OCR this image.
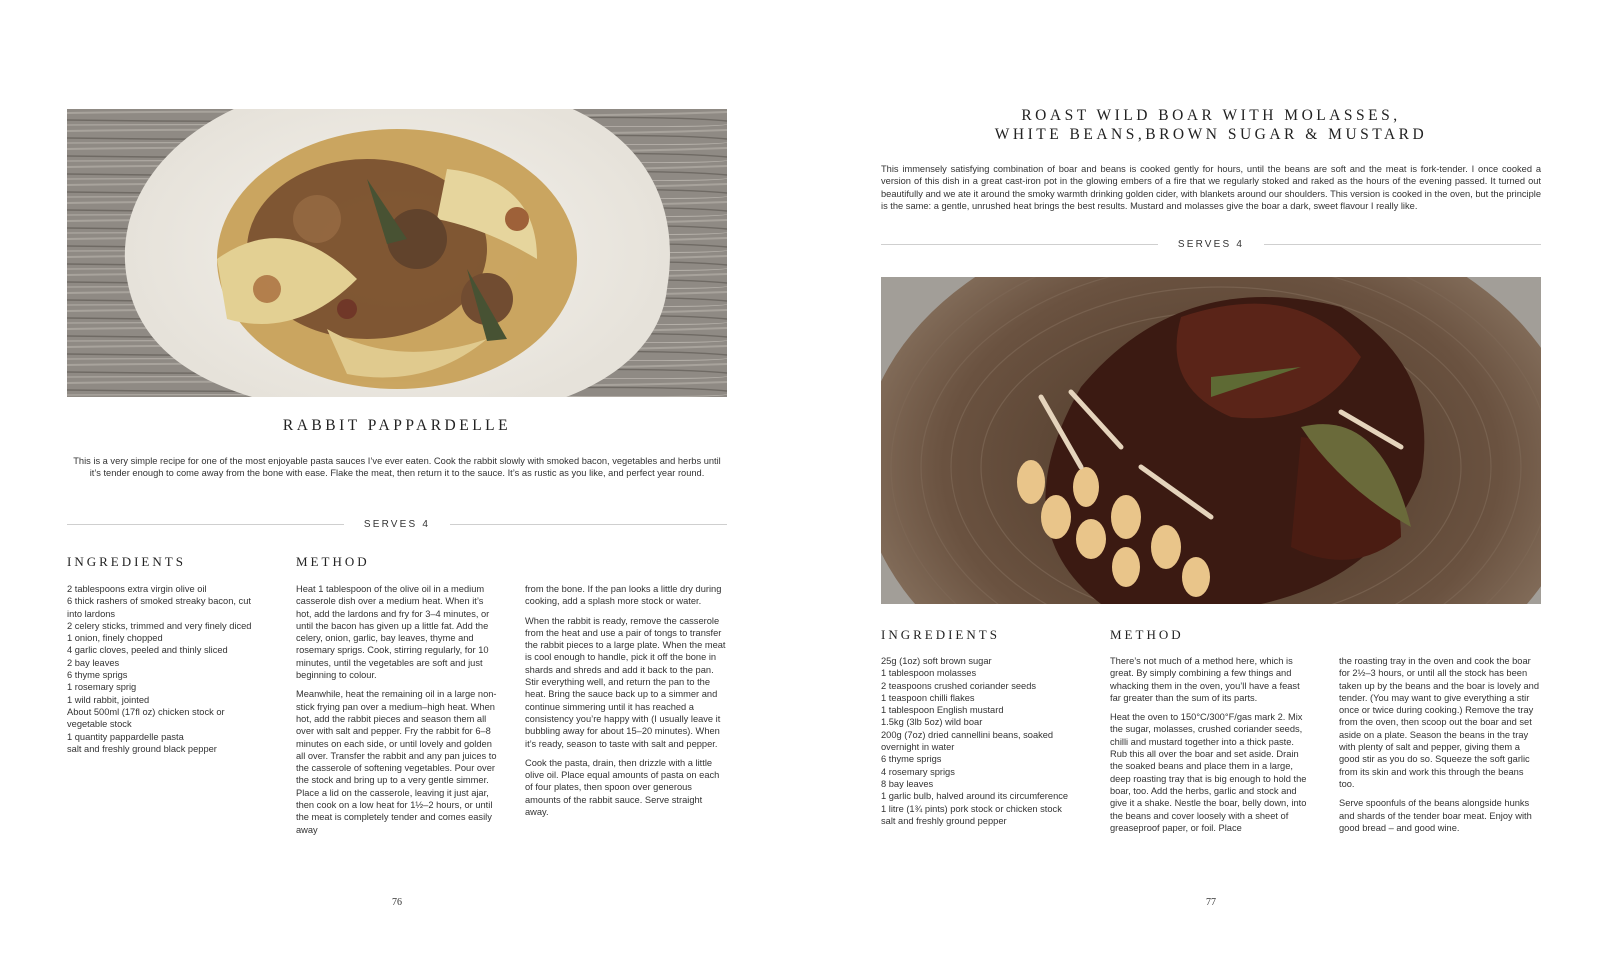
RABBIT PAPPARDELLE
This is a very simple recipe for one of the most enjoyable pasta sauces I’ve ever eaten. Cook the rabbit slowly with smoked bacon, vegetables and herbs until it’s tender enough to come away from the bone with ease. Flake the meat, then return it to the sauce. It’s as rustic as you like, and perfect year round.
SERVES 4
INGREDIENTS	METHOD
2 tablespoons extra virgin olive oil
6 thick rashers of smoked streaky bacon, cut into lardons
2 celery sticks, trimmed and very finely diced
1 onion, finely chopped
4 garlic cloves, peeled and thinly sliced
2 bay leaves
6 thyme sprigs
1 rosemary sprig
1 wild rabbit, jointed
About 500ml (17fl oz) chicken stock or vegetable stock
1 quantity pappardelle pasta
salt and freshly ground black pepper

Heat 1 tablespoon of the olive oil in a medium casserole dish over a medium heat. When it’s hot, add the lardons and fry for 3–4 minutes, or until the bacon has given up a little fat. Add the celery, onion, garlic, bay leaves, thyme and rosemary sprigs. Cook, stirring regularly, for 10 minutes, until the vegetables are soft and just beginning to colour.

Meanwhile, heat the remaining oil in a large non-stick frying pan over a medium–high heat. When hot, add the rabbit pieces and season them all over with salt and pepper. Fry the rabbit for 6–8 minutes on each side, or until lovely and golden all over. Transfer the rabbit and any pan juices to the casserole of softening vegetables. Pour over the stock and bring up to a very gentle simmer. Place a lid on the casserole, leaving it just ajar, then cook on a low heat for 1½–2 hours, or until the meat is completely tender and comes easily away

from the bone. If the pan looks a little dry during cooking, add a splash more stock or water.

When the rabbit is ready, remove the casserole from the heat and use a pair of tongs to transfer the rabbit pieces to a large plate. When the meat is cool enough to handle, pick it off the bone in shards and shreds and add it back to the pan. Stir everything well, and return the pan to the heat. Bring the sauce back up to a simmer and continue simmering until it has reached a consistency you’re happy with (I usually leave it bubbling away for about 15–20 minutes). When it’s ready, season to taste with salt and pepper.

Cook the pasta, drain, then drizzle with a little olive oil. Place equal amounts of pasta on each of four plates, then spoon over generous amounts of the rabbit sauce. Serve straight away.

76
ROAST WILD BOAR WITH MOLASSES,
WHITE BEANS,BROWN SUGAR & MUSTARD
This immensely satisfying combination of boar and beans is cooked gently for hours, until the beans are soft and the meat is fork-tender. I once cooked a version of this dish in a great cast-iron pot in the glowing embers of a fire that we regularly stoked and raked as the hours of the evening passed. It turned out beautifully and we ate it around the smoky warmth drinking golden cider, with blankets around our shoulders. This version is cooked in the oven, but the principle is the same: a gentle, unrushed heat brings the best results. Mustard and molasses give the boar a dark, sweet flavour I really like.
SERVES 4
INGREDIENTS	METHOD
25g (1oz) soft brown sugar
1 tablespoon molasses
2 teaspoons crushed coriander seeds
1 teaspoon chilli flakes
1 tablespoon English mustard
1.5kg (3lb 5oz) wild boar
200g (7oz) dried cannellini beans, soaked overnight in water
6 thyme sprigs
4 rosemary sprigs
8 bay leaves
1 garlic bulb, halved around its circumference
1 litre (1¾ pints) pork stock or chicken stock
salt and freshly ground pepper

There’s not much of a method here, which is great. By simply combining a few things and whacking them in the oven, you’ll have a feast far greater than the sum of its parts.

Heat the oven to 150°C/300°F/gas mark 2. Mix the sugar, molasses, crushed coriander seeds, chilli and mustard together into a thick paste. Rub this all over the boar and set aside. Drain the soaked beans and place them in a large, deep roasting tray that is big enough to hold the boar, too. Add the herbs, garlic and stock and give it a shake. Nestle the boar, belly down, into the beans and cover loosely with a sheet of greaseproof paper, or foil. Place

the roasting tray in the oven and cook the boar for 2½–3 hours, or until all the stock has been taken up by the beans and the boar is lovely and tender. (You may want to give everything a stir once or twice during cooking.) Remove the tray from the oven, then scoop out the boar and set aside on a plate. Season the beans in the tray with plenty of salt and pepper, giving them a good stir as you do so. Squeeze the soft garlic from its skin and work this through the beans too.

Serve spoonfuls of the beans alongside hunks and shards of the tender boar meat. Enjoy with good bread – and good wine.

77
